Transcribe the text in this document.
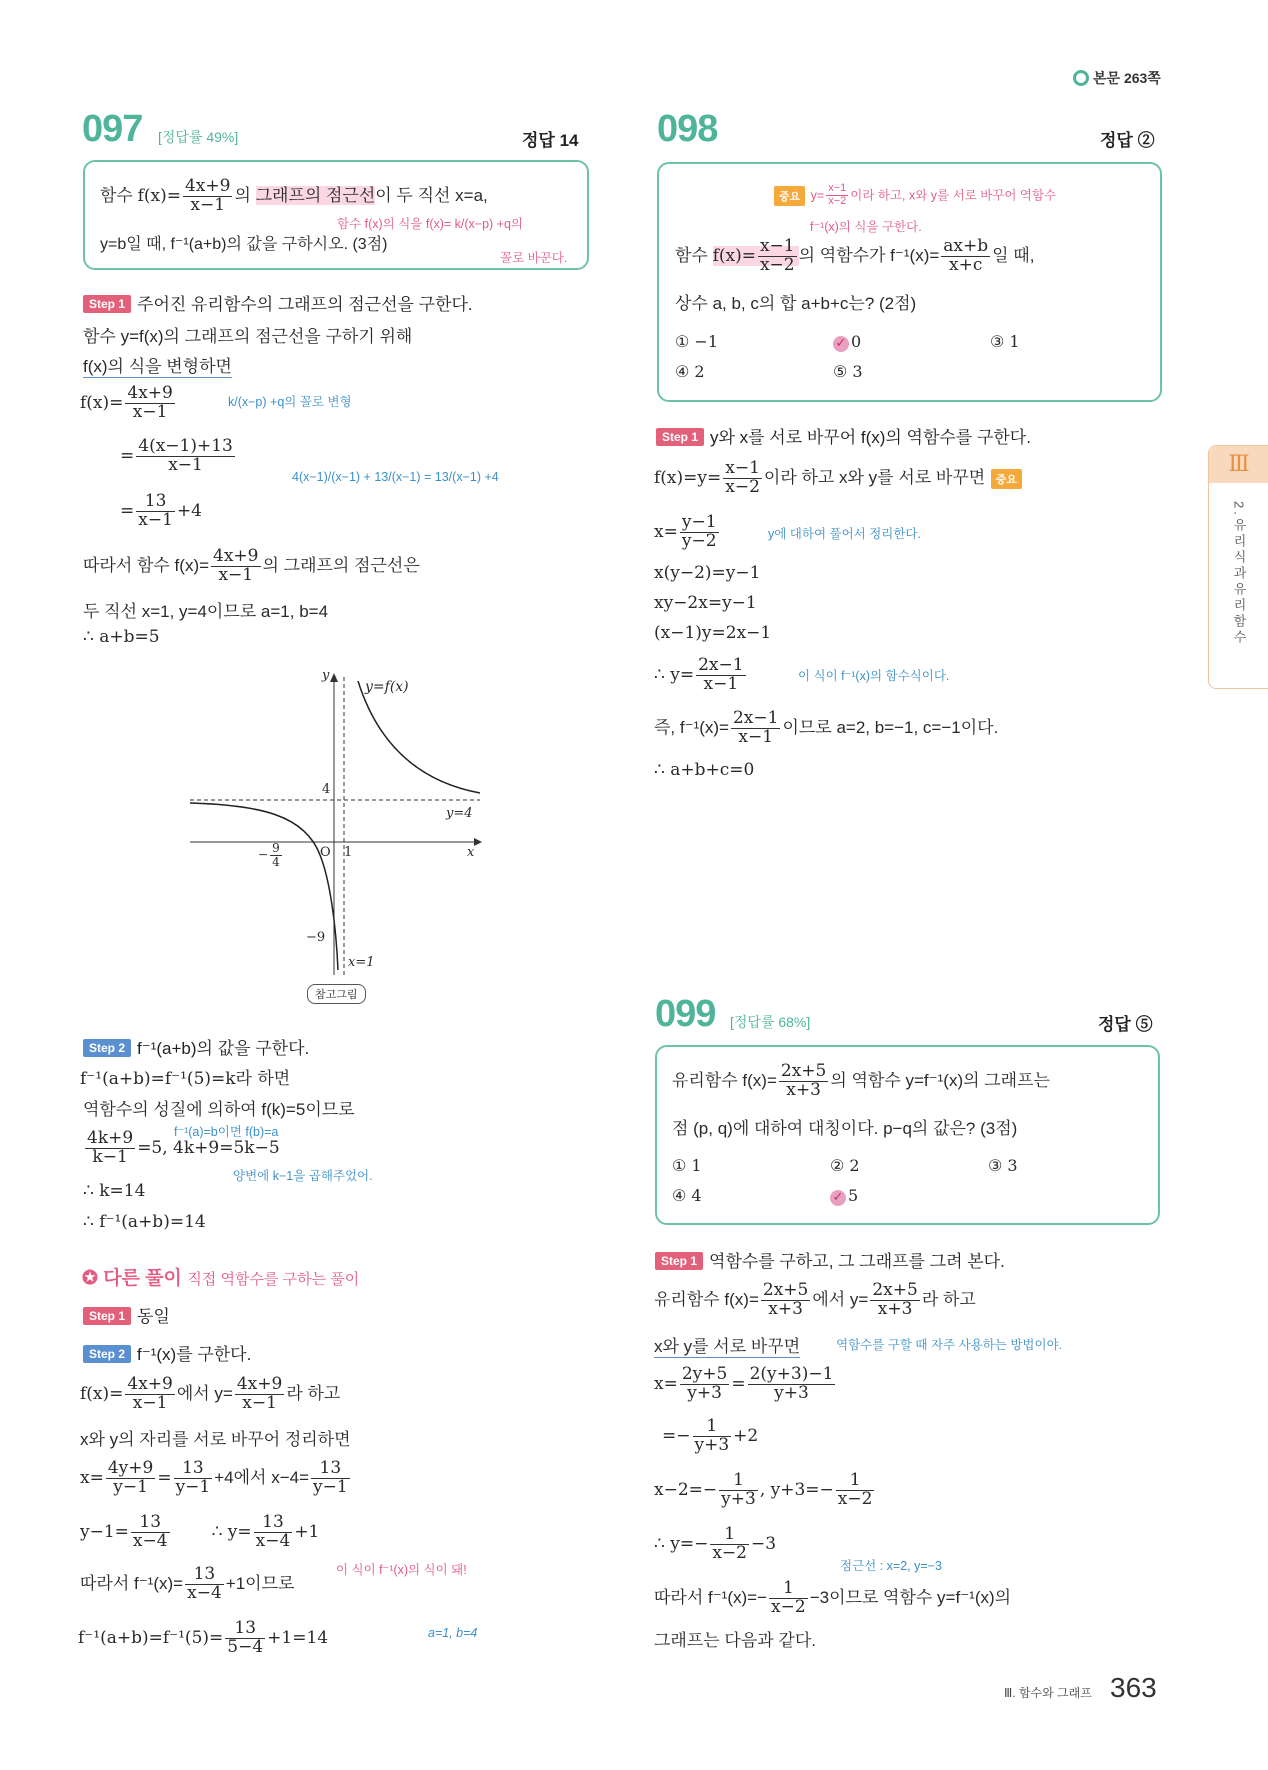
본문 263쪽
Ⅲ
2.유리식과유리함수
097 [정답률 49%]	정답 14
함수 $f(x)= \frac{4x+9}{x-1}$ 의 그래프의 점근선이 두 직선 x=a,
함수 f(x)의 식을 f(x)= k/(x−p) +q의
꼴로 바꾼다.
y=b일 때, f⁻¹(a+b)의 값을 구하시오. (3점)
Step 1 주어진 유리함수의 그래프의 점근선을 구한다.
함수 y=f(x)의 그래프의 점근선을 구하기 위해
f(x)의 식을 변형하면
$f(x)= \frac{4x+9}{x-1}$	k/(x−p) +q의 꼴로 변형
= $\frac{4(x-1)+13}{x-1}$
4(x−1)/(x−1) + 13/(x−1) = 13/(x−1) +4
= $\frac{13}{x-1} +4$
따라서 함수 $f(x)= \frac{4x+9}{x-1}$ 의 그래프의 점근선은
두 직선 x=1, y=4이므로 a=1, b=4
∴ a+b=5
y
y=f(x)
4
y=4
O 1	x
− $\frac{9}{4}$
−9
x=1
참고그림
Step 2 f⁻¹(a+b)의 값을 구한다.
f⁻¹(a+b)=f⁻¹(5)=k라 하면
역함수의 성질에 의하여 f(k)=5이므로
f⁻¹(a)=b이면 f(b)=a
$\frac{4k+9}{k-1} =5$, 4k+9=5k−5
양변에 k−1을 곱해주었어.
∴ k=14
∴ f⁻¹(a+b)=14
✪ 다른 풀이 직접 역함수를 구하는 풀이
Step 1 동일
Step 2 f⁻¹(x)를 구한다.
$f(x)= \frac{4x+9}{x-1}$ 에서 $y= \frac{4x+9}{x-1}$ 라 하고
x와 y의 자리를 서로 바꾸어 정리하면
$x= \frac{4y+9}{y-1} = \frac{13}{y-1} +4$에서 $x-4= \frac{13}{y-1}$
$y-1= \frac{13}{x-4}$ ∴ $y= \frac{13}{x-4} +1$
이 식이 f⁻¹(x)의 식이 돼!
따라서 $f^{-1}(x)= \frac{13}{x-4} +1$이므로
$f^{-1}(a+b)=f^{-1}(5)= \frac{13}{5-4} +1=14$	a=1, b=4
098	정답 ②
중요 $y= \frac{x-1}{x-2}$ 이라 하고, x와 y를 서로 바꾸어 역함수
f⁻¹(x)의 식을 구한다.
함수 $f(x)= \frac{x-1}{x-2}$ 의 역함수가 $f^{-1}(x)= \frac{ax+b}{x+c}$ 일 때,
상수 a, b, c의 합 a+b+c는? (2점)
① −1	✓ 0	③ 1
④ 2	⑤ 3
Step 1 y와 x를 서로 바꾸어 f(x)의 역함수를 구한다.
$f(x)=y= \frac{x-1}{x-2}$ 이라 하고 x와 y를 서로 바꾸면 중요
$x= \frac{y-1}{y-2}$	y에 대하여 풀어서 정리한다.
x(y−2)=y−1
xy−2x=y−1
(x−1)y=2x−1
∴ $y= \frac{2x-1}{x-1}$	이 식이 f⁻¹(x)의 함수식이다.
즉, $f^{-1}(x)= \frac{2x-1}{x-1}$ 이므로 a=2, b=−1, c=−1이다.
∴ a+b+c=0
099 [정답률 68%]	정답 ⑤
유리함수 $f(x)= \frac{2x+5}{x+3}$ 의 역함수 y=f⁻¹(x)의 그래프는
점 (p, q)에 대하여 대칭이다. p−q의 값은? (3점)
① 1	② 2	③ 3
④ 4	✓ 5
Step 1 역함수를 구하고, 그 그래프를 그려 본다.
유리함수 $f(x)= \frac{2x+5}{x+3}$ 에서 $y= \frac{2x+5}{x+3}$ 라 하고
x와 y를 서로 바꾸면	역함수를 구할 때 자주 사용하는 방법이야.
$x= \frac{2y+5}{y+3} = \frac{2(y+3)-1}{y+3}$
=− $\frac{1}{y+3} +2$
$x-2=- \frac{1}{y+3}$ , $y+3=- \frac{1}{x-2}$
∴ $y=- \frac{1}{x-2} -3$
점근선 : x=2, y=−3
따라서 $f^{-1}(x)=- \frac{1}{x-2} -3$이므로 역함수 y=f⁻¹(x)의
그래프는 다음과 같다.
Ⅲ. 함수와 그래프 363
